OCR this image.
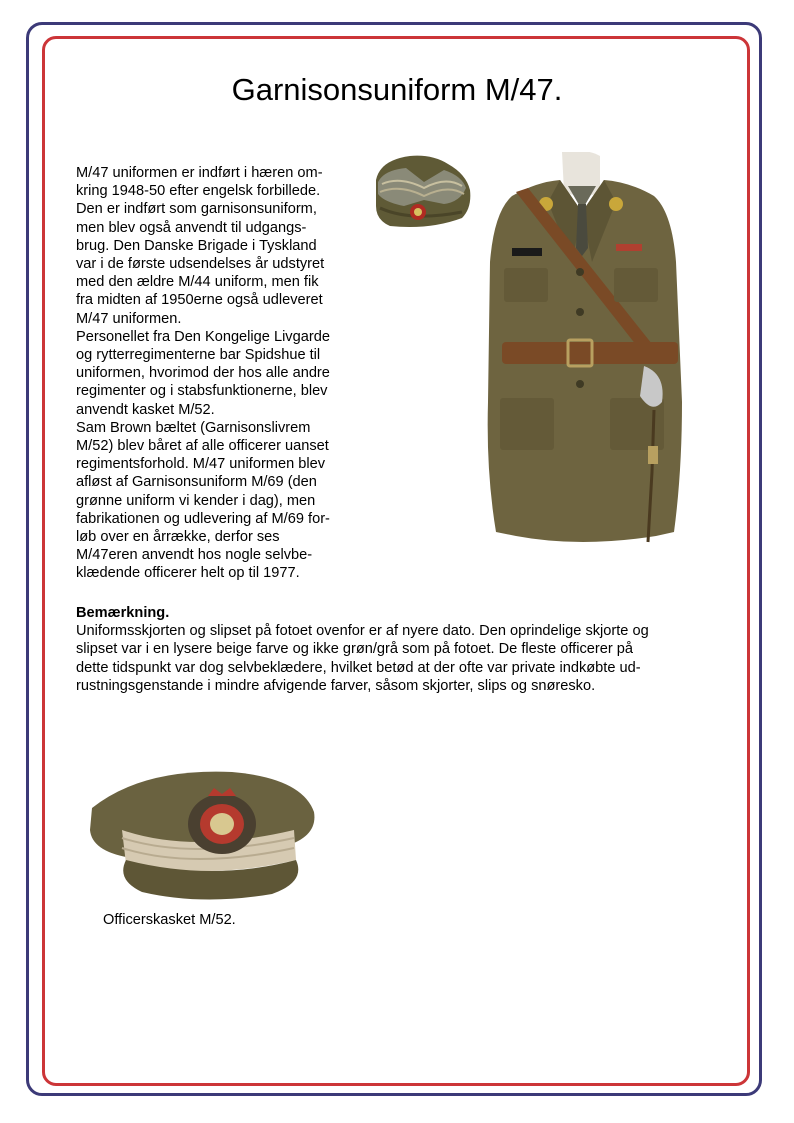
Garnisonsuniform M/47.

M/47 uniformen er indført i hæren om-

kring 1948-50 efter engelsk forbillede.

Den er indført som garnisonsuniform,

men blev også anvendt til udgangs-

brug. Den Danske Brigade i Tyskland

var i de første udsendelses år udstyret

med den ældre M/44 uniform, men fik

fra midten af 1950erne også udleveret

M/47 uniformen.

Personellet fra Den Kongelige Livgarde

og rytterregimenterne bar Spidshue til

uniformen, hvorimod der hos alle andre

regimenter og i stabsfunktionerne, blev

anvendt kasket M/52.

Sam Brown bæltet (Garnisonslivrem

M/52) blev båret af alle officerer uanset

regimentsforhold. M/47 uniformen blev

afløst af Garnisonsuniform M/69 (den

grønne uniform vi kender i dag), men

fabrikationen og udlevering af M/69 for-

løb over en årrække, derfor ses

M/47eren anvendt hos nogle selvbe-

klædende officerer helt op til 1977.

Bemærkning.

Uniformsskjorten og slipset på fotoet ovenfor er af nyere dato. Den oprindelige skjorte og

slipset var i en lysere beige farve og ikke grøn/grå som på fotoet. De fleste officerer på

dette tidspunkt var dog selvbeklædere, hvilket betød at der ofte var private indkøbte ud-

rustningsgenstande i mindre afvigende farver, såsom skjorter, slips og snøresko.

Officerskasket M/52.
